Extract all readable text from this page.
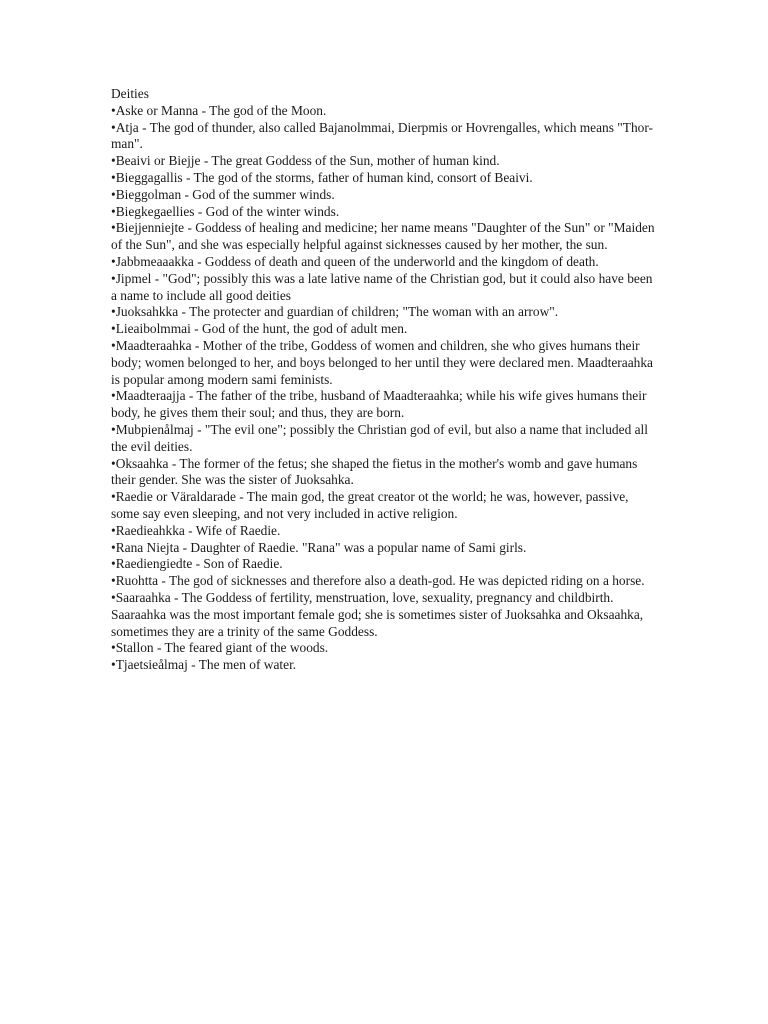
Deities

•Aske or Manna - The god of the Moon.
•Atja - The god of thunder, also called Bajanolmmai, Dierpmis or Hovrengalles, which means "Thor- man".
•Beaivi or Biejje - The great Goddess of the Sun, mother of human kind.
•Bieggagallis - The god of the storms, father of human kind, consort of Beaivi.
•Bieggolman - God of the summer winds.
•Biegkegaellies - God of the winter winds.
•Biejjenniejte - Goddess of healing and medicine; her name means "Daughter of the Sun" or "Maiden of the Sun", and she was especially helpful against sicknesses caused by her mother, the sun.
•Jabbmeaaakka - Goddess of death and queen of the underworld and the kingdom of death.
•Jipmel - "God"; possibly this was a late lative name of the Christian god, but it could also have been a name to include all good deities
•Juoksahkka - The protecter and guardian of children; "The woman with an arrow".
•Lieaibolmmai - God of the hunt, the god of adult men.
•Maadteraahka - Mother of the tribe, Goddess of women and children, she who gives humans their body; women belonged to her, and boys belonged to her until they were declared men. Maadteraahka is popular among modern sami feminists.
•Maadteraajja - The father of the tribe, husband of Maadteraahka; while his wife gives humans their body, he gives them their soul; and thus, they are born.
•Mubpienålmaj - "The evil one"; possibly the Christian god of evil, but also a name that included all the evil deities.
•Oksaahka - The former of the fetus; she shaped the fietus in the mother's womb and gave humans their gender. She was the sister of Juoksahka.
•Raedie or Väraldarade - The main god, the great creator ot the world; he was, however, passive, some say even sleeping, and not very included in active religion.
•Raedieahkka - Wife of Raedie.
•Rana Niejta - Daughter of Raedie. "Rana" was a popular name of Sami girls.
•Raediengiedte - Son of Raedie.
•Ruohtta - The god of sicknesses and therefore also a death-god. He was depicted riding on a horse.
•Saaraahka - The Goddess of fertility, menstruation, love, sexuality, pregnancy and childbirth. Saaraahka was the most important female god; she is sometimes sister of Juoksahka and Oksaahka, sometimes they are a trinity of the same Goddess.
•Stallon - The feared giant of the woods.
•Tjaetsieålmaj - The men of water.
